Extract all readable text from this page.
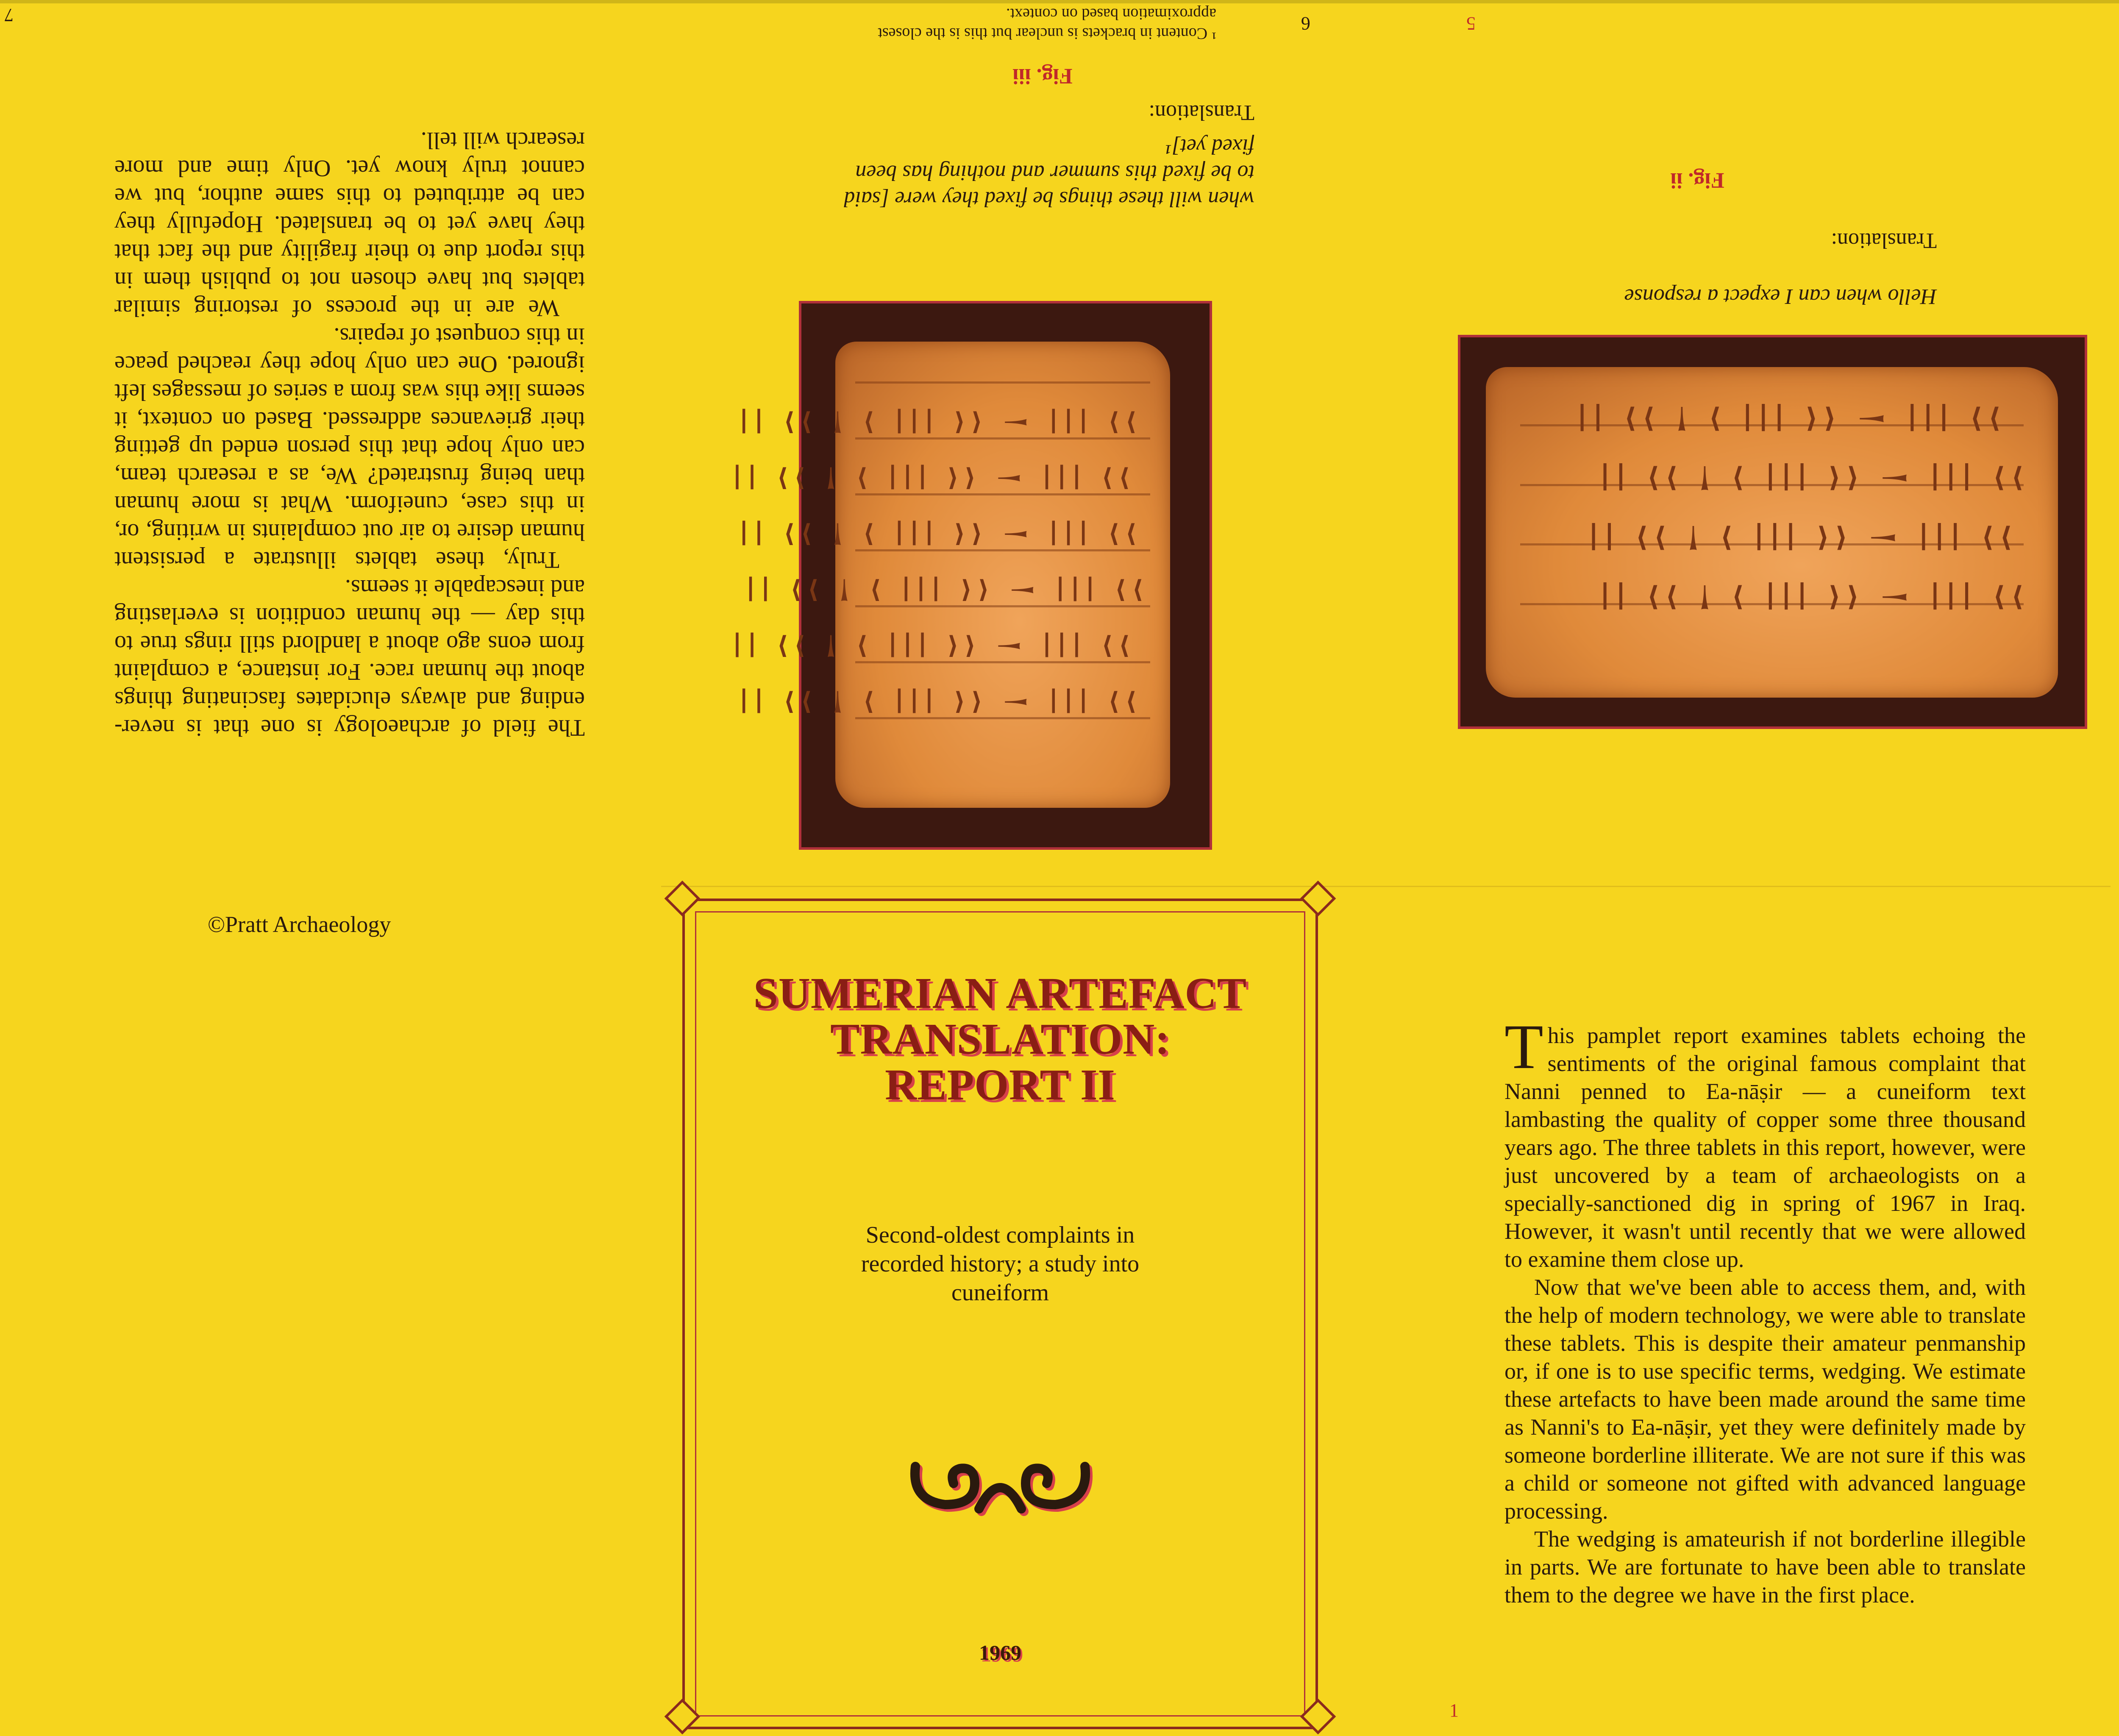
The field of archaeology is one that is never-ending and always elucidates fascinating things about the human race. For instance, a complaint from eons ago about a landlord still rings true to this day — the human condition is everlasting and inescapable it seems.

Truly, these tablets illustrate a persistent human desire to air out complaints in writing, or, in this case, cuneiform. What is more human than being frustrated? We, as a research team, can only hope that this person ended up getting their grievances addressed. Based on context, it seems like this was from a series of messages left ignored. One can only hope they reached peace in this conquest of repairs.

We are in the process of restoring similar tablets but have chosen not to publish them in this report due to their fragility and the fact that they have yet to be translated. Hopefully they can be attributed to this same author, but we cannot truly know yet. Only time and more research will tell.

7
¹ Content in brackets is unclear but this is the closest approximation based on context.	6	5
when will these things be fixed they were [said to be fixed this summer and nothing has been fixed yet]¹
Translation:
Fig. iii
⟩⟩ ||| 𒀸 ⟨⟨ ||| ⟩ 𒁹 ⟩⟩ ||
⟩⟩ ||| 𒀸 ⟨⟨ ||| ⟩ 𒁹 ⟩⟩ ||
⟩⟩ ||| 𒀸 ⟨⟨ ||| ⟩ 𒁹 ⟩⟩ ||
⟩⟩ ||| 𒀸 ⟨⟨ ||| ⟩ 𒁹 ⟩⟩ ||
⟩⟩ ||| 𒀸 ⟨⟨ ||| ⟩ 𒁹 ⟩⟩ ||
⟩⟩ ||| 𒀸 ⟨⟨ ||| ⟩ 𒁹 ⟩⟩ ||
Hello when can I expect a response
Translation:
Fig. ii
⟩⟩ ||| 𒀸 ⟨⟨ ||| ⟩ 𒁹 ⟩⟩ ||
⟩⟩ ||| 𒀸 ⟨⟨ ||| ⟩ 𒁹 ⟩⟩ ||
⟩⟩ ||| 𒀸 ⟨⟨ ||| ⟩ 𒁹 ⟩⟩ ||
⟩⟩ ||| 𒀸 ⟨⟨ ||| ⟩ 𒁹 ⟩⟩ ||
©Pratt Archaeology
SUMERIAN ARTEFACT
TRANSLATION:
REPORT II
Second-oldest complaints in recorded history; a study into cuneiform
1969
T his pamplet report examines tablets echoing the sentiments of the original famous complaint that Nanni penned to Ea-nāṣir — a cuneiform text lambasting the quality of copper some three thousand years ago. The three tablets in this report, however, were just uncovered by a team of archaeologists on a specially-sanctioned dig in spring of 1967 in Iraq. However, it wasn't until recently that we were allowed to examine them close up.

Now that we've been able to access them, and, with the help of modern technology, we were able to translate these tablets. This is despite their amateur penmanship or, if one is to use specific terms, wedging. We estimate these artefacts to have been made around the same time as Nanni's to Ea-nāṣir, yet they were definitely made by someone borderline illiterate. We are not sure if this was a child or someone not gifted with advanced language processing.

The wedging is amateurish if not borderline illegible in parts. We are fortunate to have been able to translate them to the degree we have in the first place.

1
